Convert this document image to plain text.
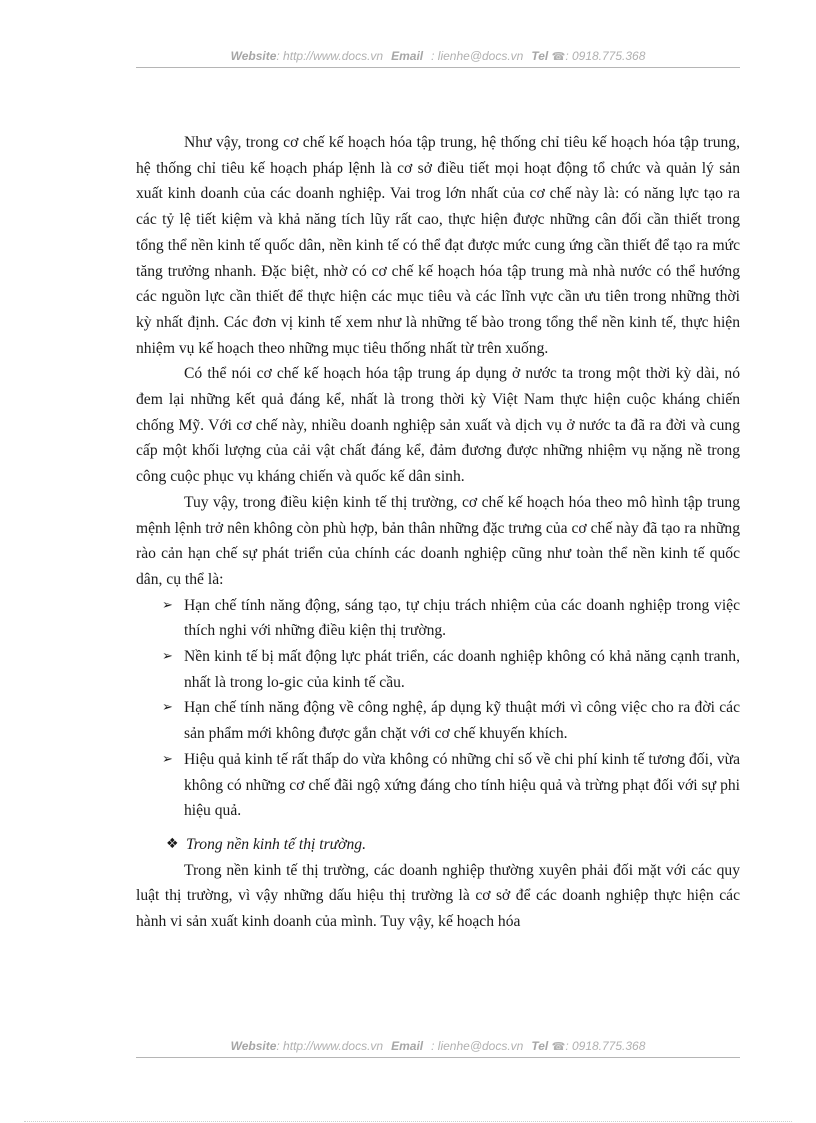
Website: http://www.docs.vn Email : lienhe@docs.vn Tel ☎: 0918.775.368

Như vậy, trong cơ chế kế hoạch hóa tập trung, hệ thống chỉ tiêu kế hoạch hóa tập trung, hệ thống chỉ tiêu kế hoạch pháp lệnh là cơ sở điều tiết mọi hoạt động tổ chức và quản lý sản xuất kinh doanh của các doanh nghiệp. Vai trog lớn nhất của cơ chế này là: có năng lực tạo ra các tỷ lệ tiết kiệm và khả năng tích lũy rất cao, thực hiện được những cân đối cần thiết trong tổng thể nền kinh tế quốc dân, nền kinh tế có thể đạt được mức cung ứng cần thiết để tạo ra mức tăng trưởng nhanh. Đặc biệt, nhờ có cơ chế kế hoạch hóa tập trung mà nhà nước có thể hướng các nguồn lực cần thiết để thực hiện các mục tiêu và các lĩnh vực cần ưu tiên trong những thời kỳ nhất định. Các đơn vị kinh tế xem như là những tế bào trong tổng thể nền kinh tế, thực hiện nhiệm vụ kế hoạch theo những mục tiêu thống nhất từ trên xuống.

Có thể nói cơ chế kế hoạch hóa tập trung áp dụng ở nước ta trong một thời kỳ dài, nó đem lại những kết quả đáng kể, nhất là trong thời kỳ Việt Nam thực hiện cuộc kháng chiến chống Mỹ. Với cơ chế này, nhiều doanh nghiệp sản xuất và dịch vụ ở nước ta đã ra đời và cung cấp một khối lượng của cải vật chất đáng kể, đảm đương được những nhiệm vụ nặng nề trong công cuộc phục vụ kháng chiến và quốc kế dân sinh.

Tuy vậy, trong điều kiện kinh tế thị trường, cơ chế kế hoạch hóa theo mô hình tập trung mệnh lệnh trở nên không còn phù hợp, bản thân những đặc trưng của cơ chế này đã tạo ra những rào cản hạn chế sự phát triển của chính các doanh nghiệp cũng như toàn thể nền kinh tế quốc dân, cụ thể là:

➢ Hạn chế tính năng động, sáng tạo, tự chịu trách nhiệm của các doanh nghiệp trong việc thích nghi với những điều kiện thị trường.
➢ Nền kinh tế bị mất động lực phát triển, các doanh nghiệp không có khả năng cạnh tranh, nhất là trong lo-gic của kinh tế cầu.
➢ Hạn chế tính năng động về công nghệ, áp dụng kỹ thuật mới vì công việc cho ra đời các sản phẩm mới không được gắn chặt với cơ chế khuyến khích.
➢ Hiệu quả kinh tế rất thấp do vừa không có những chỉ số về chi phí kinh tế tương đối, vừa không có những cơ chế đãi ngộ xứng đáng cho tính hiệu quả và trừng phạt đối với sự phi hiệu quả.
❖ Trong nền kinh tế thị trường.

Trong nền kinh tế thị trường, các doanh nghiệp thường xuyên phải đối mặt với các quy luật thị trường, vì vậy những dấu hiệu thị trường là cơ sở để các doanh nghiệp thực hiện các hành vi sản xuất kinh doanh của mình. Tuy vậy, kế hoạch hóa

Website: http://www.docs.vn Email : lienhe@docs.vn Tel ☎: 0918.775.368
